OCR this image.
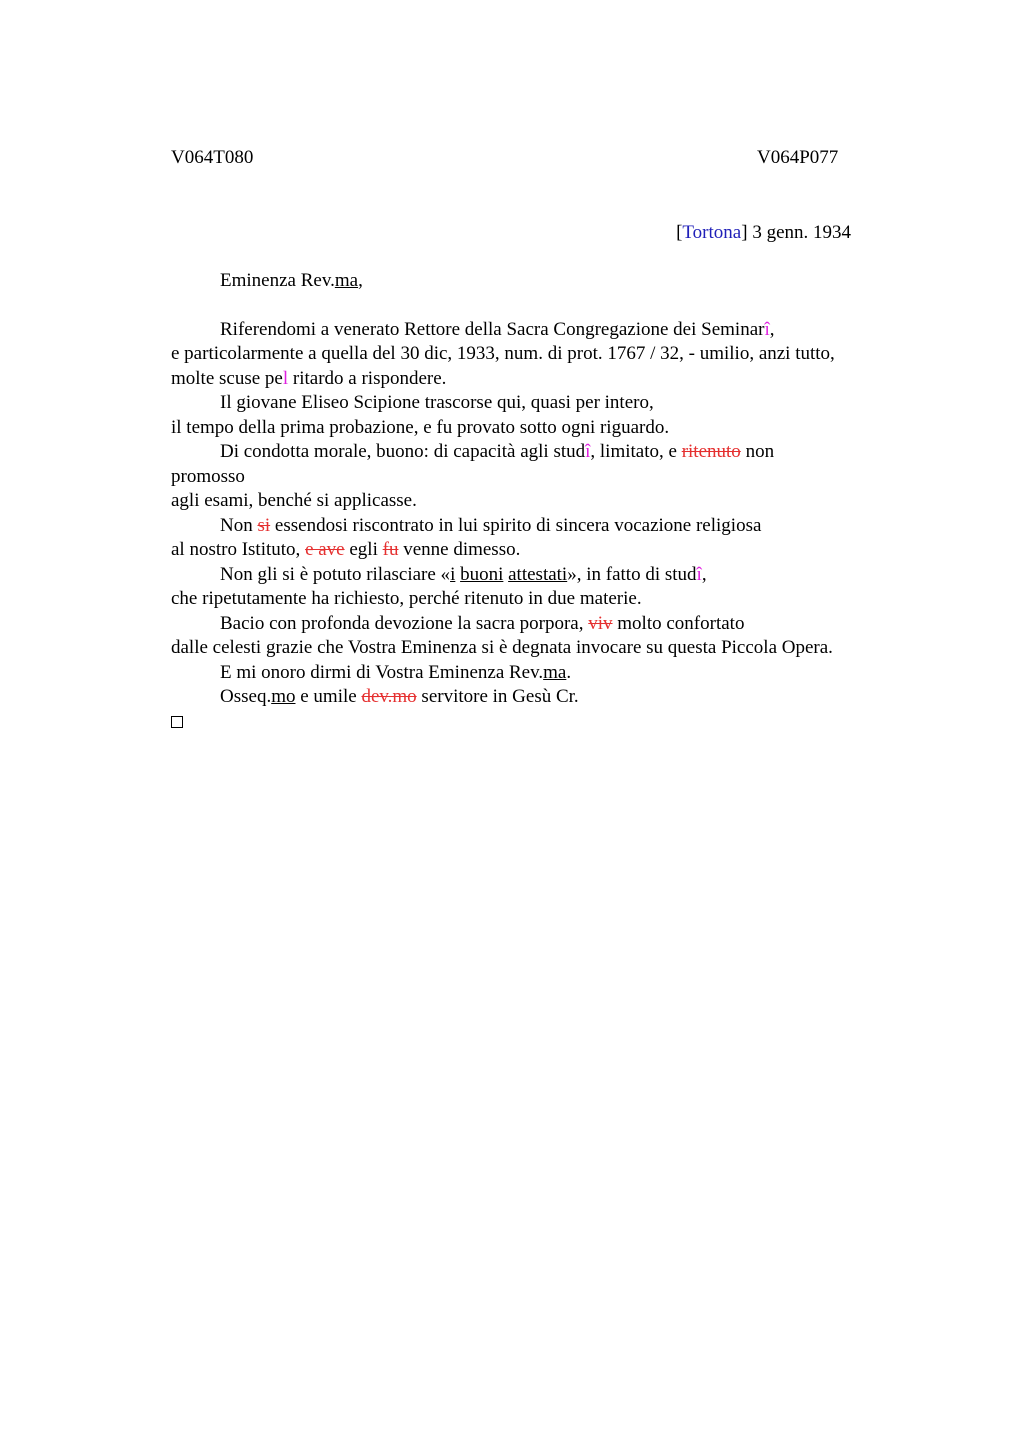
V064T080	V064P077
[Tortona] 3 genn. 1934
Eminenza Rev.ma,
Riferendomi a venerato Rettore della Sacra Congregazione dei Seminarî,
e particolarmente a quella del 30 dic, 1933, num. di prot. 1767 / 32, - umilio, anzi tutto,
molte scuse pel ritardo a rispondere.
Il giovane Eliseo Scipione trascorse qui, quasi per intero,
il tempo della prima probazione, e fu provato sotto ogni riguardo.
Di condotta morale, buono: di capacità agli studî, limitato, e ritenuto non
promosso
agli esami, benché si applicasse.
Non si essendosi riscontrato in lui spirito di sincera vocazione religiosa
al nostro Istituto, e ave egli fu venne dimesso.
Non gli si è potuto rilasciare «i buoni attestati», in fatto di studî,
che ripetutamente ha richiesto, perché ritenuto in due materie.
Bacio con profonda devozione la sacra porpora, viv molto confortato
dalle celesti grazie che Vostra Eminenza si è degnata invocare su questa Piccola Opera.
E mi onoro dirmi di Vostra Eminenza Rev.ma.
Osseq.mo e umile dev.mo servitore in Gesù Cr.
